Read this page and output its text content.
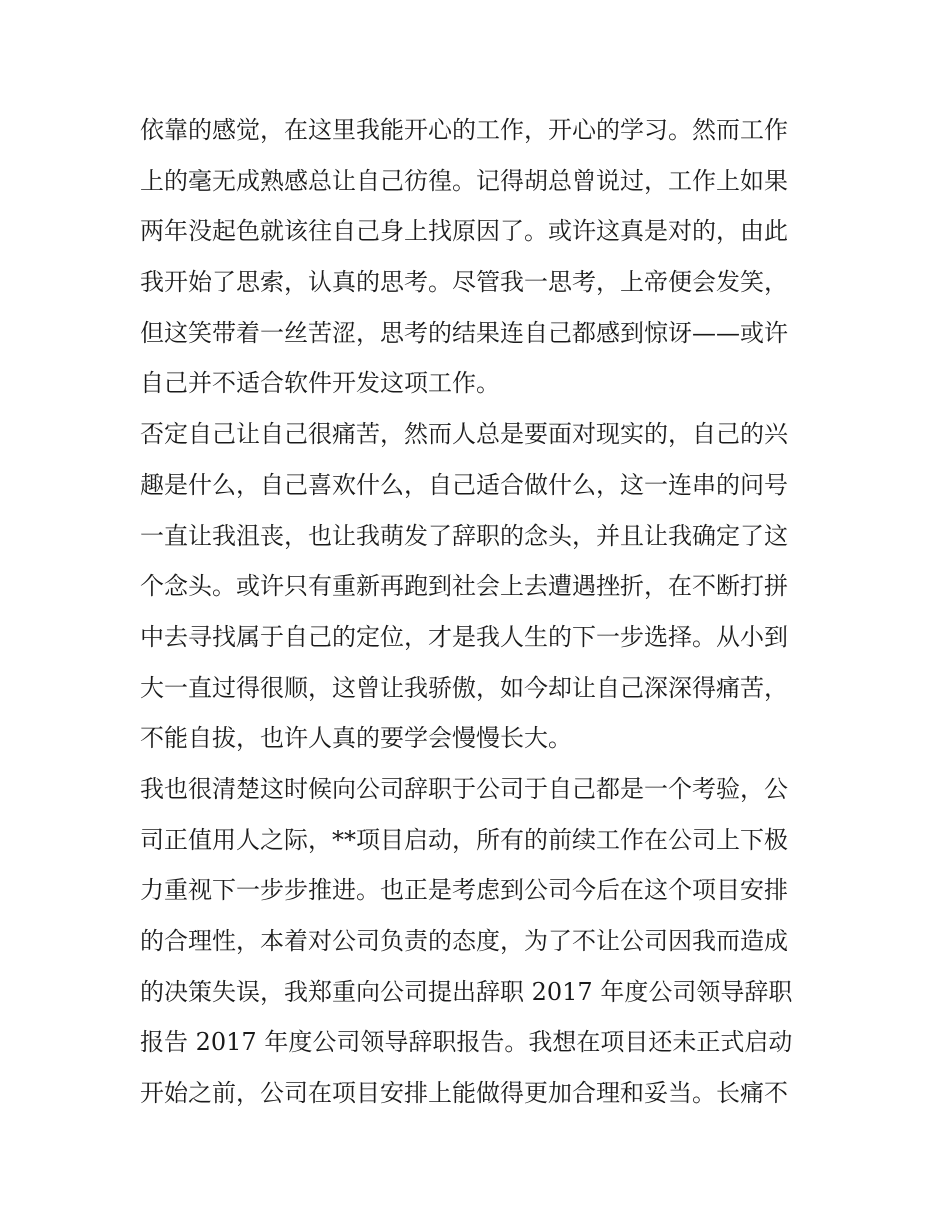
依靠的感觉，在这里我能开心的工作，开心的学习。然而工作
上的毫无成熟感总让自己彷徨。记得胡总曾说过，工作上如果
两年没起色就该往自己身上找原因了。或许这真是对的，由此
我开始了思索，认真的思考。尽管我一思考，上帝便会发笑，
但这笑带着一丝苦涩，思考的结果连自己都感到惊讶——或许
自己并不适合软件开发这项工作。
否定自己让自己很痛苦，然而人总是要面对现实的，自己的兴
趣是什么，自己喜欢什么，自己适合做什么，这一连串的问号
一直让我沮丧，也让我萌发了辞职的念头，并且让我确定了这
个念头。或许只有重新再跑到社会上去遭遇挫折，在不断打拼
中去寻找属于自己的定位，才是我人生的下一步选择。从小到
大一直过得很顺，这曾让我骄傲，如今却让自己深深得痛苦，
不能自拔，也许人真的要学会慢慢长大。
我也很清楚这时候向公司辞职于公司于自己都是一个考验，公
司正值用人之际，**项目启动，所有的前续工作在公司上下极
力重视下一步步推进。也正是考虑到公司今后在这个项目安排
的合理性，本着对公司负责的态度，为了不让公司因我而造成
的决策失误，我郑重向公司提出辞职 2017 年度公司领导辞职
报告 2017 年度公司领导辞职报告。我想在项目还未正式启动
开始之前，公司在项目安排上能做得更加合理和妥当。长痛不
